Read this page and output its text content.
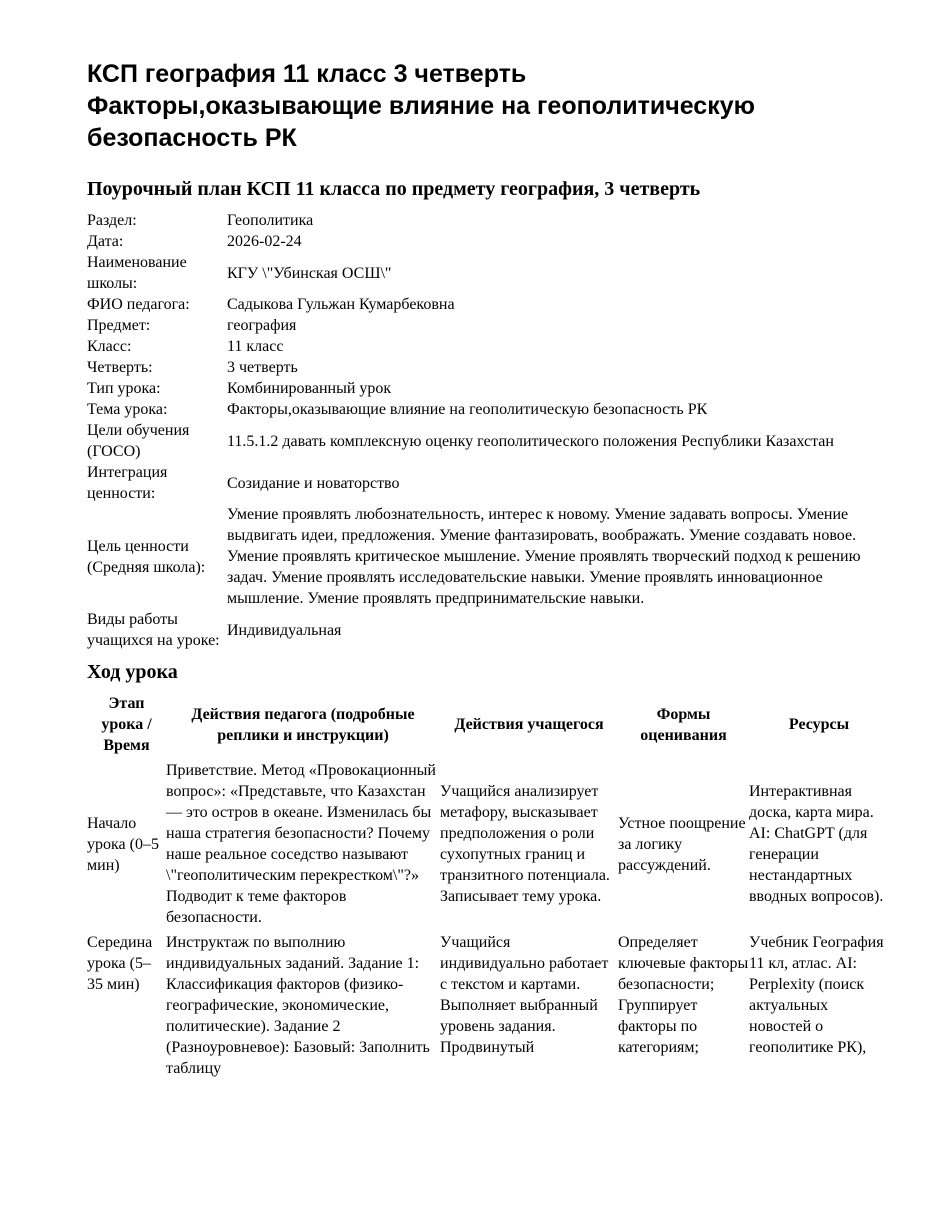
КСП география 11 класс 3 четверть
Факторы,оказывающие влияние на геополитическую
безопасность РК
Поурочный план КСП 11 класса по предмету география, 3 четверть
Раздел:	Геополитика
Дата:	2026-02-24
Наименование школы:	КГУ \"Убинская ОСШ\"
ФИО педагога:	Садыкова Гульжан Кумарбековна
Предмет:	география
Класс:	11 класс
Четверть:	3 четверть
Тип урока:	Комбинированный урок
Тема урока:	Факторы,оказывающие влияние на геополитическую безопасность РК
Цели обучения (ГОСО)	11.5.1.2 давать комплексную оценку геополитического положения Республики Казахстан
Интеграция ценности:	Созидание и новаторство
Цель ценности (Средняя школа):	Умение проявлять любознательность, интерес к новому. Умение задавать вопросы. Умение выдвигать идеи, предложения. Умение фантазировать, воображать. Умение создавать новое. Умение проявлять критическое мышление. Умение проявлять творческий подход к решению задач. Умение проявлять исследовательские навыки. Умение проявлять инновационное мышление. Умение проявлять предпринимательские навыки.
Виды работы учащихся на уроке:	Индивидуальная
Ход урока
Этап урока / Время	Действия педагога (подробные реплики и инструкции)	Действия учащегося	Формы оценивания	Ресурсы
Начало урока (0–5 мин)	Приветствие. Метод «Провокационный вопрос»: «Представьте, что Казахстан — это остров в океане. Изменилась бы наша стратегия безопасности? Почему наше реальное соседство называют \"геополитическим перекрестком\"?» Подводит к теме факторов безопасности.	Учащийся анализирует метафору, высказывает предположения о роли сухопутных границ и транзитного потенциала. Записывает тему урока.	Устное поощрение за логику рассуждений.	Интерактивная доска, карта мира. AI: ChatGPT (для генерации нестандартных вводных вопросов).
Середина урока (5–35 мин)	Инструктаж по выполнию индивидуальных заданий. Задание 1: Классификация факторов (физико-географические, экономические, политические). Задание 2 (Разноуровневое): Базовый: Заполнить таблицу	Учащийся индивидуально работает с текстом и картами. Выполняет выбранный уровень задания. Продвинутый	Определяет ключевые факторы безопасности; Группирует факторы по категориям;	Учебник География 11 кл, атлас. AI: Perplexity (поиск актуальных новостей о геополитике РК),
